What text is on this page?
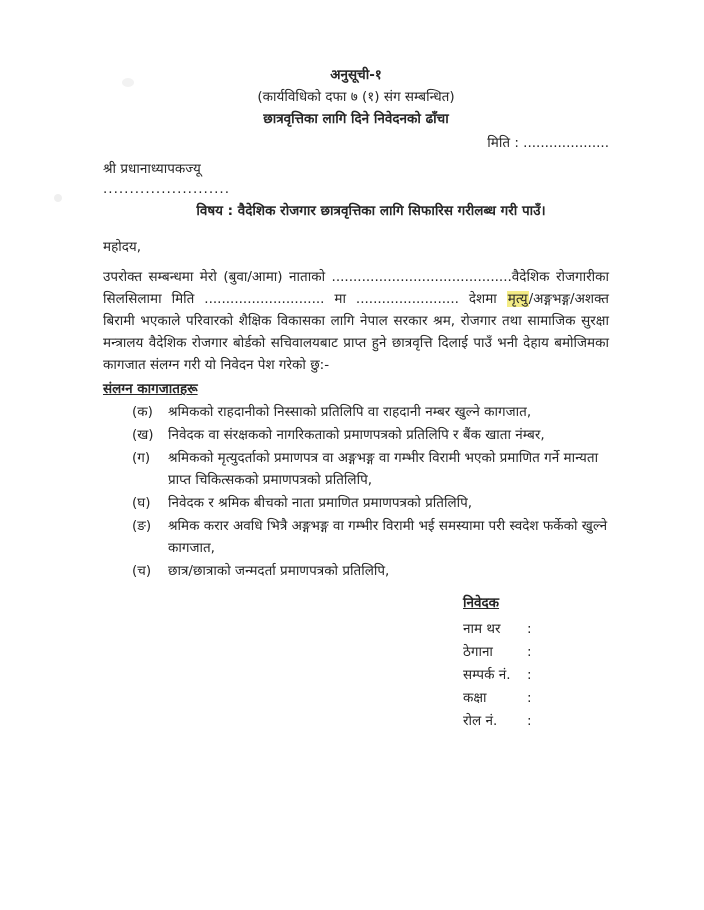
अनुसूची-१
(कार्यविधिको दफा ७ (१) संग सम्बन्धित)
छात्रवृत्तिका लागि दिने निवेदनको ढाँचा
मिति : ....................
श्री प्रधानाध्यापकज्यू
........................
विषय : वैदेशिक रोजगार छात्रवृत्तिका लागि सिफारिस गरीलब्ध गरी पाउँ।
महोदय,
उपरोक्त सम्बन्धमा मेरो (बुवा/आमा) नाताको ..........................................वैदेशिक रोजगारीका सिलसिलामा मिति ............................ मा ........................ देशमा मृत्यु/अङ्गभङ्ग/अशक्त बिरामी भएकाले परिवारको शैक्षिक विकासका लागि नेपाल सरकार श्रम, रोजगार तथा सामाजिक सुरक्षा मन्त्रालय वैदेशिक रोजगार बोर्डको सचिवालयबाट प्राप्त हुने छात्रवृत्ति दिलाई पाउँ भनी देहाय बमोजिमका कागजात संलग्न गरी यो निवेदन पेश गरेको छु:-
संलग्न कागजातहरू
(क)	श्रमिकको राहदानीको निस्साको प्रतिलिपि वा राहदानी नम्बर खुल्ने कागजात,
(ख)	निवेदक वा संरक्षकको नागरिकताको प्रमाणपत्रको प्रतिलिपि र बैंक खाता नंम्बर,
(ग)	श्रमिकको मृत्युदर्ताको प्रमाणपत्र वा अङ्गभङ्ग वा गम्भीर विरामी भएको प्रमाणित गर्ने मान्यता प्राप्त चिकित्सकको प्रमाणपत्रको प्रतिलिपि,
(घ)	निवेदक र श्रमिक बीचको नाता प्रमाणित प्रमाणपत्रको प्रतिलिपि,
(ङ)	श्रमिक करार अवधि भित्रै अङ्गभङ्ग वा गम्भीर विरामी भई समस्यामा परी स्वदेश फर्केको खुल्ने कागजात,
(च)	छात्र/छात्राको जन्मदर्ता प्रमाणपत्रको प्रतिलिपि,
निवेदक
नाम थर	:
ठेगाना	:
सम्पर्क नं.	:
कक्षा	:
रोल नं.	:
